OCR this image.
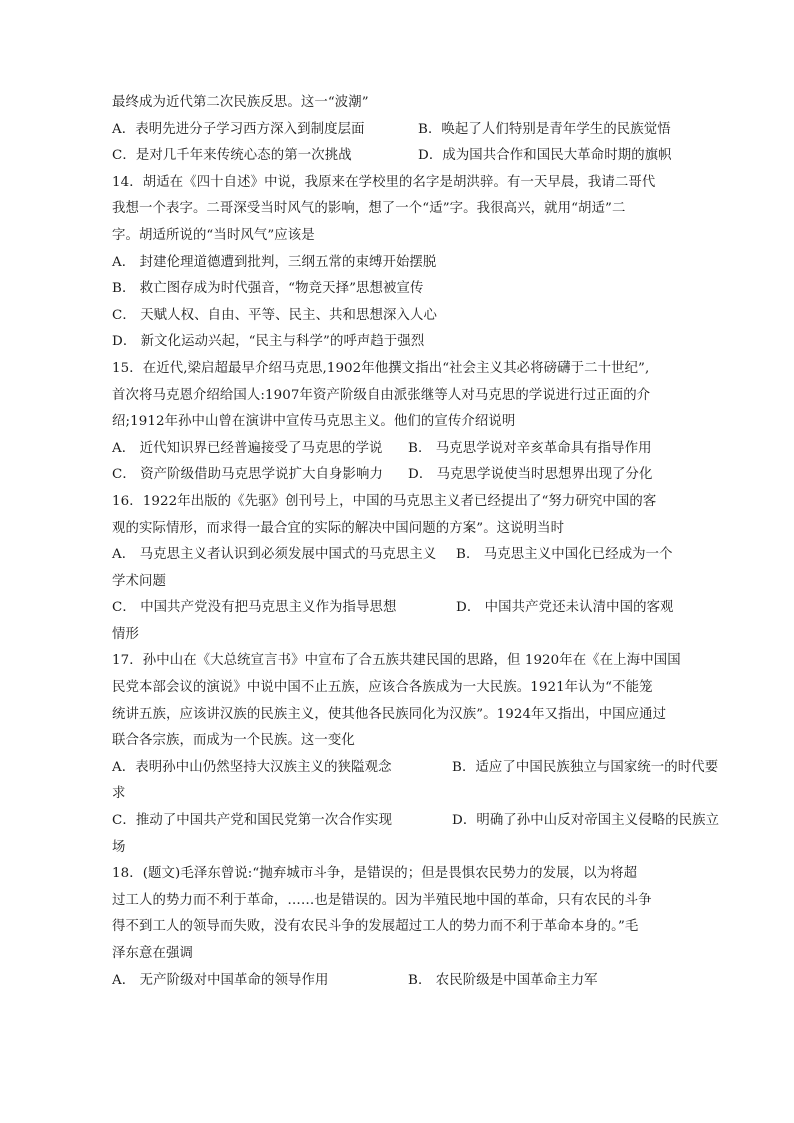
最终成为近代第二次民族反思。这一“波潮”
A．表明先进分子学习西方深入到制度层面	B．唤起了人们特别是青年学生的民族觉悟
C．是对几千年来传统心态的第一次挑战	D．成为国共合作和国民大革命时期的旗帜
14．胡适在《四十自述》中说，我原来在学校里的名字是胡洪骍。有一天早晨，我请二哥代
我想一个表字。二哥深受当时风气的影响，想了一个“适”字。我很高兴，就用“胡适”二
字。胡适所说的“当时风气”应该是
A． 封建伦理道德遭到批判，三纲五常的束缚开始摆脱
B． 救亡图存成为时代强音，“物竞天择”思想被宣传
C． 天赋人权、自由、平等、民主、共和思想深入人心
D． 新文化运动兴起，“民主与科学”的呼声趋于强烈
15．在近代,梁启超最早介绍马克思,1902年他撰文指出“社会主义其必将磅礴于二十世纪”,
首次将马克恩介绍给国人:1907年资产阶级自由派张继等人对马克思的学说进行过正面的介
绍;1912年孙中山曾在演讲中宣传马克思主义。他们的宣传介绍说明
A． 近代知识界已经普遍接受了马克思的学说	B． 马克思学说对辛亥革命具有指导作用
C． 资产阶级借助马克思学说扩大自身影响力	D． 马克思学说使当时思想界出现了分化
16．1922年出版的《先驱》创刊号上，中国的马克思主义者已经提出了“努力研究中国的客
观的实际情形，而求得一最合宜的实际的解决中国问题的方案”。这说明当时
A． 马克思主义者认识到必须发展中国式的马克思主义	B． 马克思主义中国化已经成为一个
学术问题
C． 中国共产党没有把马克思主义作为指导思想	D． 中国共产党还未认清中国的客观
情形
17．孙中山在《大总统宣言书》中宣布了合五族共建民国的思路，但 1920年在《在上海中国国
民党本部会议的演说》中说中国不止五族，应该合各族成为一大民族。1921年认为“不能笼
统讲五族，应该讲汉族的民族主义，使其他各民族同化为汉族”。1924年又指出，中国应通过
联合各宗族，而成为一个民族。这一变化
A．表明孙中山仍然坚持大汉族主义的狭隘观念	B．适应了中国民族独立与国家统一的时代要
求
C．推动了中国共产党和国民党第一次合作实现	D．明确了孙中山反对帝国主义侵略的民族立
场
18．(题文)毛泽东曾说:“抛弃城市斗争，是错误的；但是畏惧农民势力的发展，以为将超
过工人的势力而不利于革命，……也是错误的。因为半殖民地中国的革命，只有农民的斗争
得不到工人的领导而失败，没有农民斗争的发展超过工人的势力而不利于革命本身的。”毛
泽东意在强调
A． 无产阶级对中国革命的领导作用	B． 农民阶级是中国革命主力军
